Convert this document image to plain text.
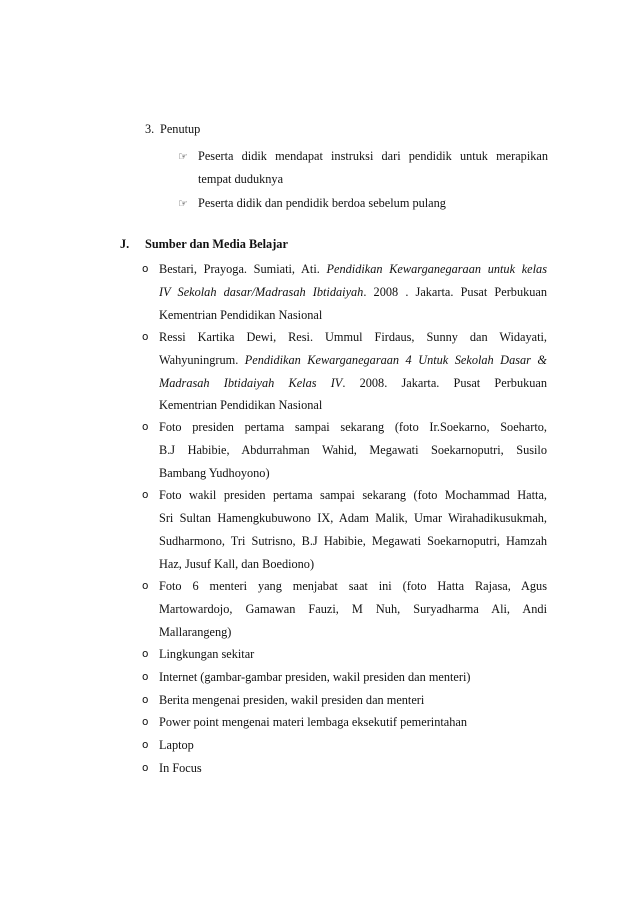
3. Penutup
☞ Peserta didik mendapat instruksi dari pendidik untuk merapikan
tempat duduknya
☞ Peserta didik dan pendidik berdoa sebelum pulang
J. Sumber dan Media Belajar
o Bestari, Prayoga. Sumiati, Ati. Pendidikan Kewarganegaraan untuk kelas
IV Sekolah dasar/Madrasah Ibtidaiyah. 2008 . Jakarta. Pusat Perbukuan
Kementrian Pendidikan Nasional
o Ressi Kartika Dewi, Resi. Ummul Firdaus, Sunny dan Widayati,
Wahyuningrum. Pendidikan Kewarganegaraan 4 Untuk Sekolah Dasar &
Madrasah Ibtidaiyah Kelas IV. 2008. Jakarta. Pusat Perbukuan
Kementrian Pendidikan Nasional
o Foto presiden pertama sampai sekarang (foto Ir.Soekarno, Soeharto,
B.J Habibie, Abdurrahman Wahid, Megawati Soekarnoputri, Susilo
Bambang Yudhoyono)
o Foto wakil presiden pertama sampai sekarang (foto Mochammad Hatta,
Sri Sultan Hamengkubuwono IX, Adam Malik, Umar Wirahadikusukmah,
Sudharmono, Tri Sutrisno, B.J Habibie, Megawati Soekarnoputri, Hamzah
Haz, Jusuf Kall, dan Boediono)
o Foto 6 menteri yang menjabat saat ini (foto Hatta Rajasa, Agus
Martowardojo, Gamawan Fauzi, M Nuh, Suryadharma Ali, Andi
Mallarangeng)
o Lingkungan sekitar
o Internet (gambar-gambar presiden, wakil presiden dan menteri)
o Berita mengenai presiden, wakil presiden dan menteri
o Power point mengenai materi lembaga eksekutif pemerintahan
o Laptop
o In Focus
